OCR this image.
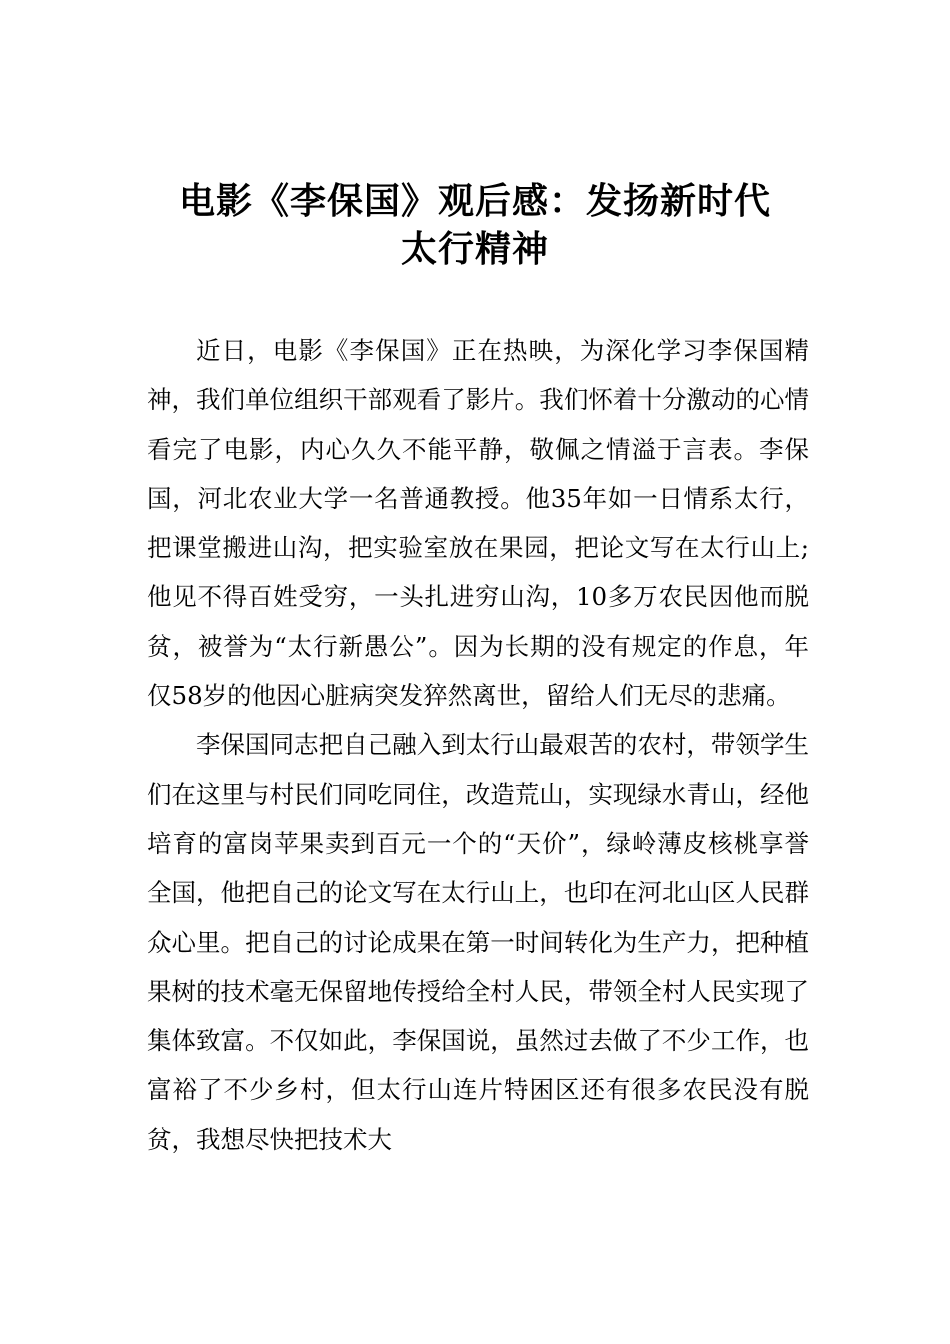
电影《李保国》观后感：发扬新时代
太行精神

近日，电影《李保国》正在热映，为深化学习李保国精神，我们单位组织干部观看了影片。我们怀着十分激动的心情看完了电影，内心久久不能平静，敬佩之情溢于言表。李保国，河北农业大学一名普通教授。他35年如一日情系太行，把课堂搬进山沟，把实验室放在果园，把论文写在太行山上;他见不得百姓受穷，一头扎进穷山沟，10多万农民因他而脱贫，被誉为“太行新愚公”。因为长期的没有规定的作息，年仅58岁的他因心脏病突发猝然离世，留给人们无尽的悲痛。

李保国同志把自己融入到太行山最艰苦的农村，带领学生们在这里与村民们同吃同住，改造荒山，实现绿水青山，经他培育的富岗苹果卖到百元一个的“天价”，绿岭薄皮核桃享誉全国，他把自己的论文写在太行山上，也印在河北山区人民群众心里。把自己的讨论成果在第一时间转化为生产力，把种植果树的技术毫无保留地传授给全村人民，带领全村人民实现了集体致富。不仅如此，李保国说，虽然过去做了不少工作，也富裕了不少乡村，但太行山连片特困区还有很多农民没有脱贫，我想尽快把技术大
